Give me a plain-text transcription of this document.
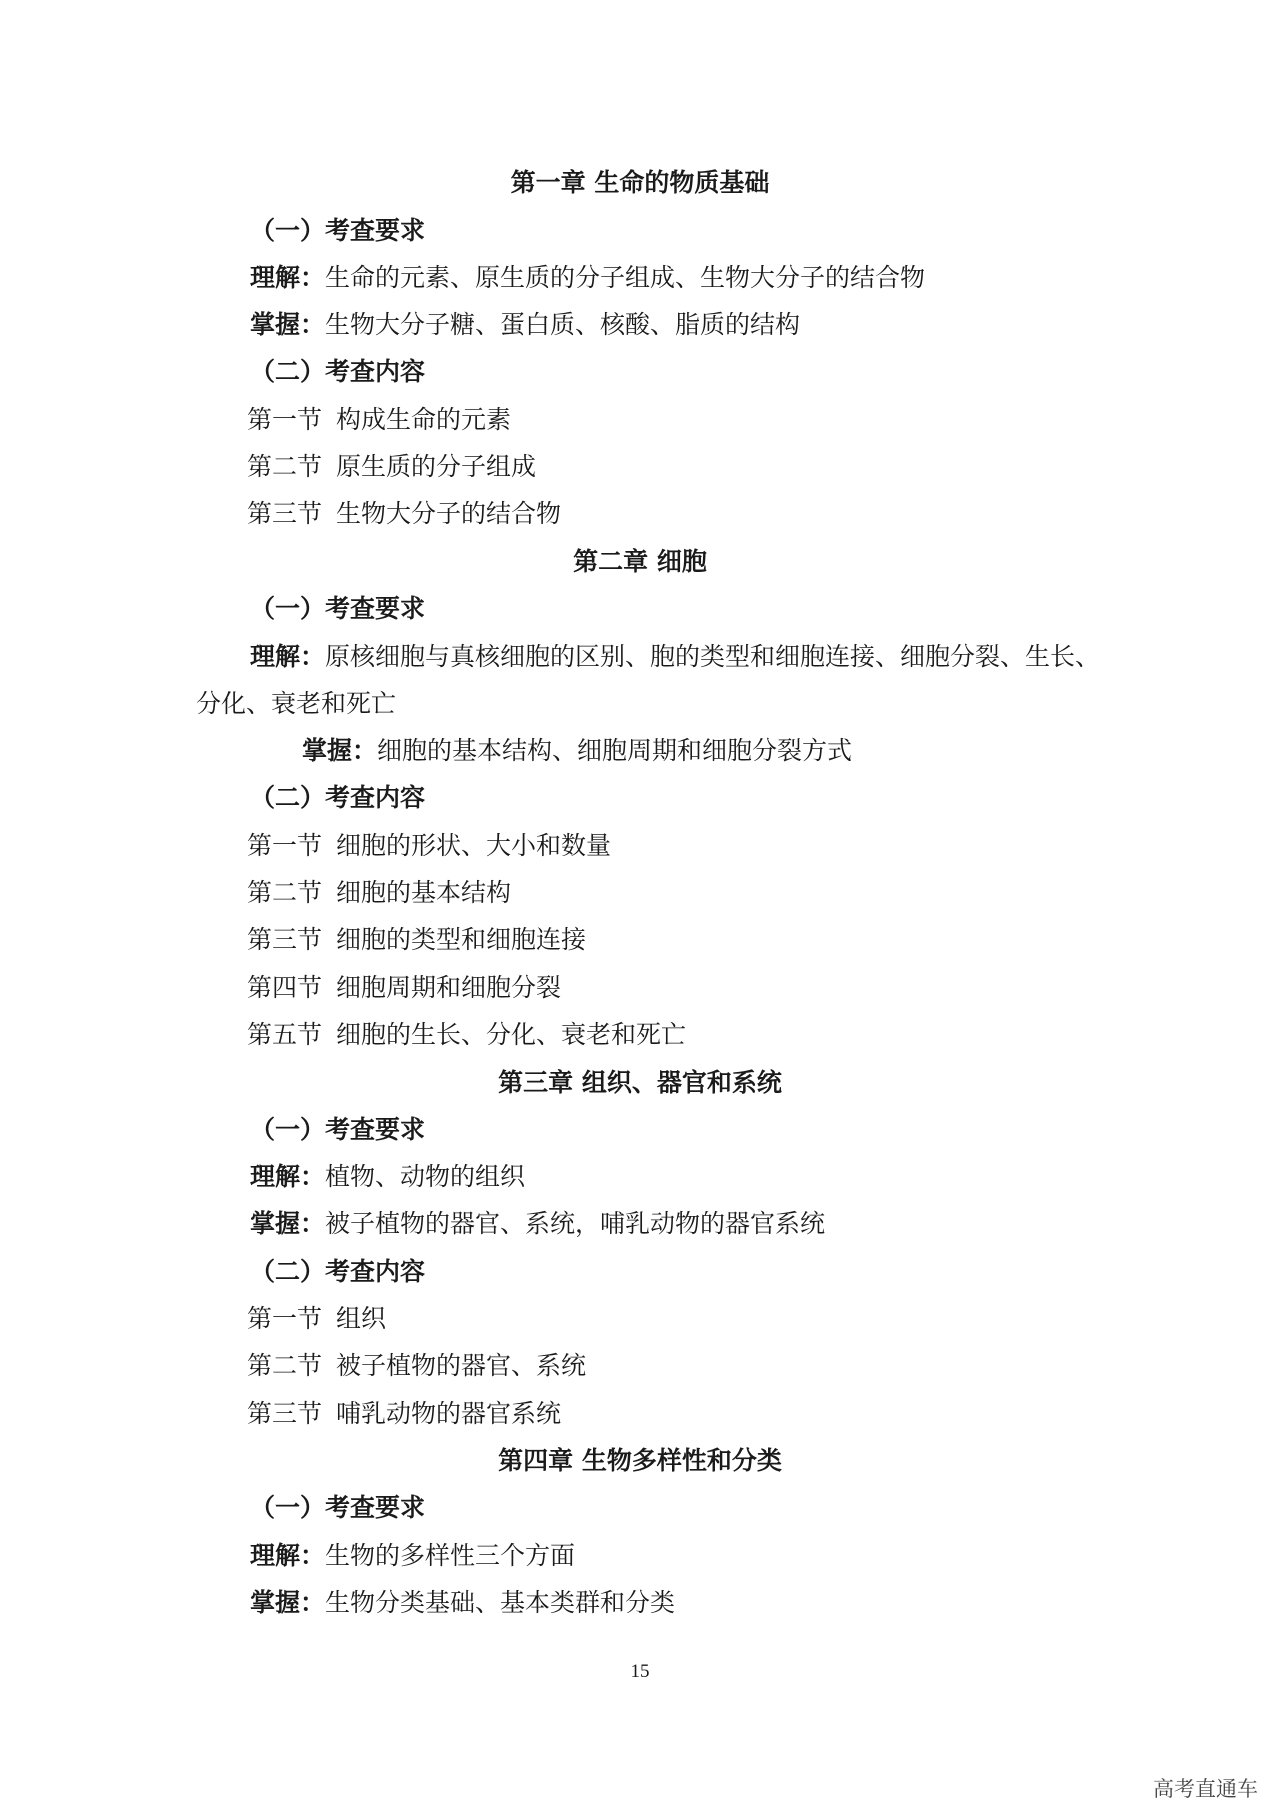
第一章 生命的物质基础
（一）考查要求
理解：生命的元素、原生质的分子组成、生物大分子的结合物
掌握：生物大分子糖、蛋白质、核酸、脂质的结构
（二）考查内容
第一节 构成生命的元素
第二节 原生质的分子组成
第三节 生物大分子的结合物
第二章 细胞
（一）考查要求
理解：原核细胞与真核细胞的区别、胞的类型和细胞连接、细胞分裂、生长、
分化、衰老和死亡
掌握：细胞的基本结构、细胞周期和细胞分裂方式
（二）考查内容
第一节 细胞的形状、大小和数量
第二节 细胞的基本结构
第三节 细胞的类型和细胞连接
第四节 细胞周期和细胞分裂
第五节 细胞的生长、分化、衰老和死亡
第三章 组织、器官和系统
（一）考查要求
理解：植物、动物的组织
掌握：被子植物的器官、系统，哺乳动物的器官系统
（二）考查内容
第一节 组织
第二节 被子植物的器官、系统
第三节 哺乳动物的器官系统
第四章 生物多样性和分类
（一）考查要求
理解：生物的多样性三个方面
掌握：生物分类基础、基本类群和分类
15
高考直通车
